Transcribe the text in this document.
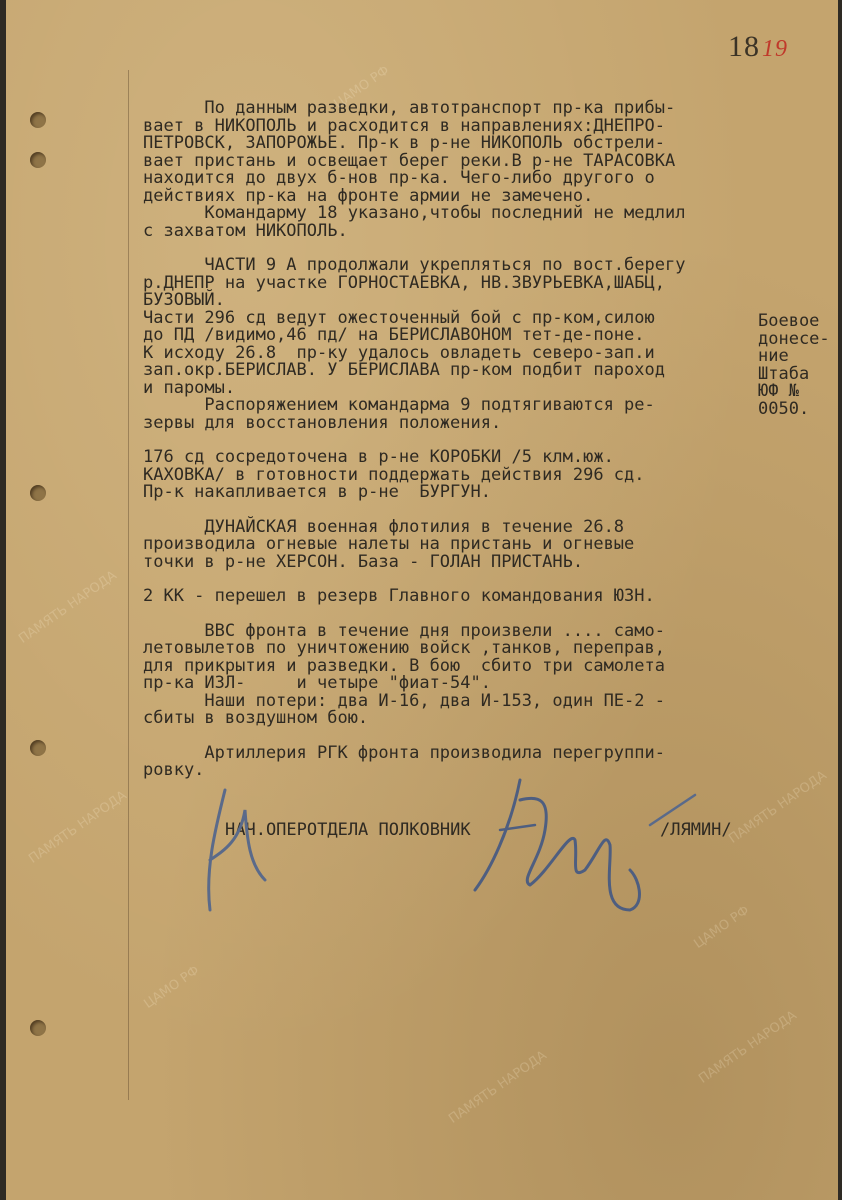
1819
По данным разведки, автотранспорт пр-ка прибы-
вает в НИКОПОЛЬ и расходится в направлениях:ДНЕПРО-
ПЕТРОВСК, ЗАПОРОЖЬЕ. Пр-к в р-не НИКОПОЛЬ обстрели-
вает пристань и освещает берег реки.В р-не ТАРАСОВКА
находится до двух б-нов пр-ка. Чего-либо другого о
действиях пр-ка на фронте армии не замечено.
Командарму 18 указано,чтобы последний не медлил
с захватом НИКОПОЛЬ.
ЧАСТИ 9 А продолжали укрепляться по вост.берегу
р.ДНЕПР на участке ГОРНОСТАЕВКА, НВ.ЗВУРЬЕВКА,ШАБЦ,
БУЗОВЫЙ.
Части 296 сд ведут ожесточенный бой с пр-ком,силою
до ПД /видимо,46 пд/ на БЕРИСЛАВОНОМ тет-де-поне.
К исходу 26.8  пр-ку удалось овладеть северо-зап.и
зап.окр.БЕРИСЛАВ. У БЕРИСЛАВА пр-ком подбит пароход
и паромы.
Распоряжением командарма 9 подтягиваются ре-
зервы для восстановления положения.
176 сд сосредоточена в р-не КОРОБКИ /5 клм.юж.
КАХОВКА/ в готовности поддержать действия 296 сд.
Пр-к накапливается в р-не  БУРГУН.
ДУНАЙСКАЯ военная флотилия в течение 26.8
производила огневые налеты на пристань и огневые
точки в р-не ХЕРСОН. База - ГОЛАН ПРИСТАНЬ.
2 КК - перешел в резерв Главного командования ЮЗН.
ВВС фронта в течение дня произвели .... само-
летовылетов по уничтожению войск ,танков, переправ,
для прикрытия и разведки. В бою  сбито три самолета
пр-ка ИЗЛ-     и четыре "фиат-54".
Наши потери: два И-16, два И-153, один ПЕ-2 -
сбиты в воздушном бою.
Артиллерия РГК фронта производила перегруппи-
ровку.
Боевое
донесе-
ние
Штаба
ЮФ №
0050.
НАЧ.ОПЕРОТДЕЛА ПОЛКОВНИК	/ЛЯМИН/
ПАМЯТЬ НАРОДА
ПАМЯТЬ НАРОДА
ПАМЯТЬ НАРОДА
ПАМЯТЬ НАРОДА
ПАМЯТЬ НАРОДА
ЦАМО РФ
ЦАМО РФ
ЦАМО РФ
